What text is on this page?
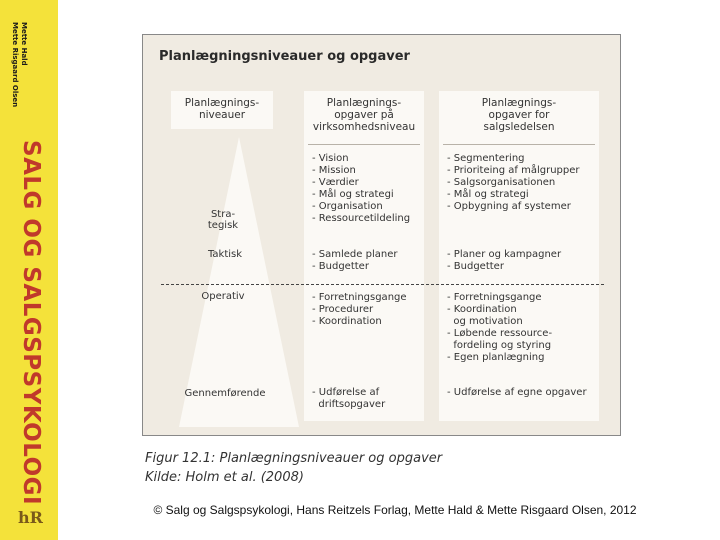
Mette Hald
Mette Risgaard Olsen
SALG OG SALGSPSYKOLOGI
hR
Planlægningsniveauer og opgaver
Planlægnings-
niveauer
Stra-
tegisk
Taktisk
Operativ
Gennemførende
Planlægnings-
opgaver på
virksomhedsniveau
- Vision
- Mission
- Værdier
- Mål og strategi
- Organisation
- Ressourcetildeling
- Samlede planer
- Budgetter
- Forretningsgange
- Procedurer
- Koordination
- Udførelse af
driftsopgaver
Planlægnings-
opgaver for
salgsledelsen
- Segmentering
- Prioriteing af målgrupper
- Salgsorganisationen
- Mål og strategi
- Opbygning af systemer
- Planer og kampagner
- Budgetter
- Forretningsgange
- Koordination
og motivation
- Løbende ressource-
fordeling og styring
- Egen planlægning
- Udførelse af egne opgaver
Figur 12.1: Planlægningsniveauer og opgaver
Kilde: Holm et al. (2008)
© Salg og Salgspsykologi, Hans Reitzels Forlag, Mette Hald & Mette Risgaard Olsen, 2012
